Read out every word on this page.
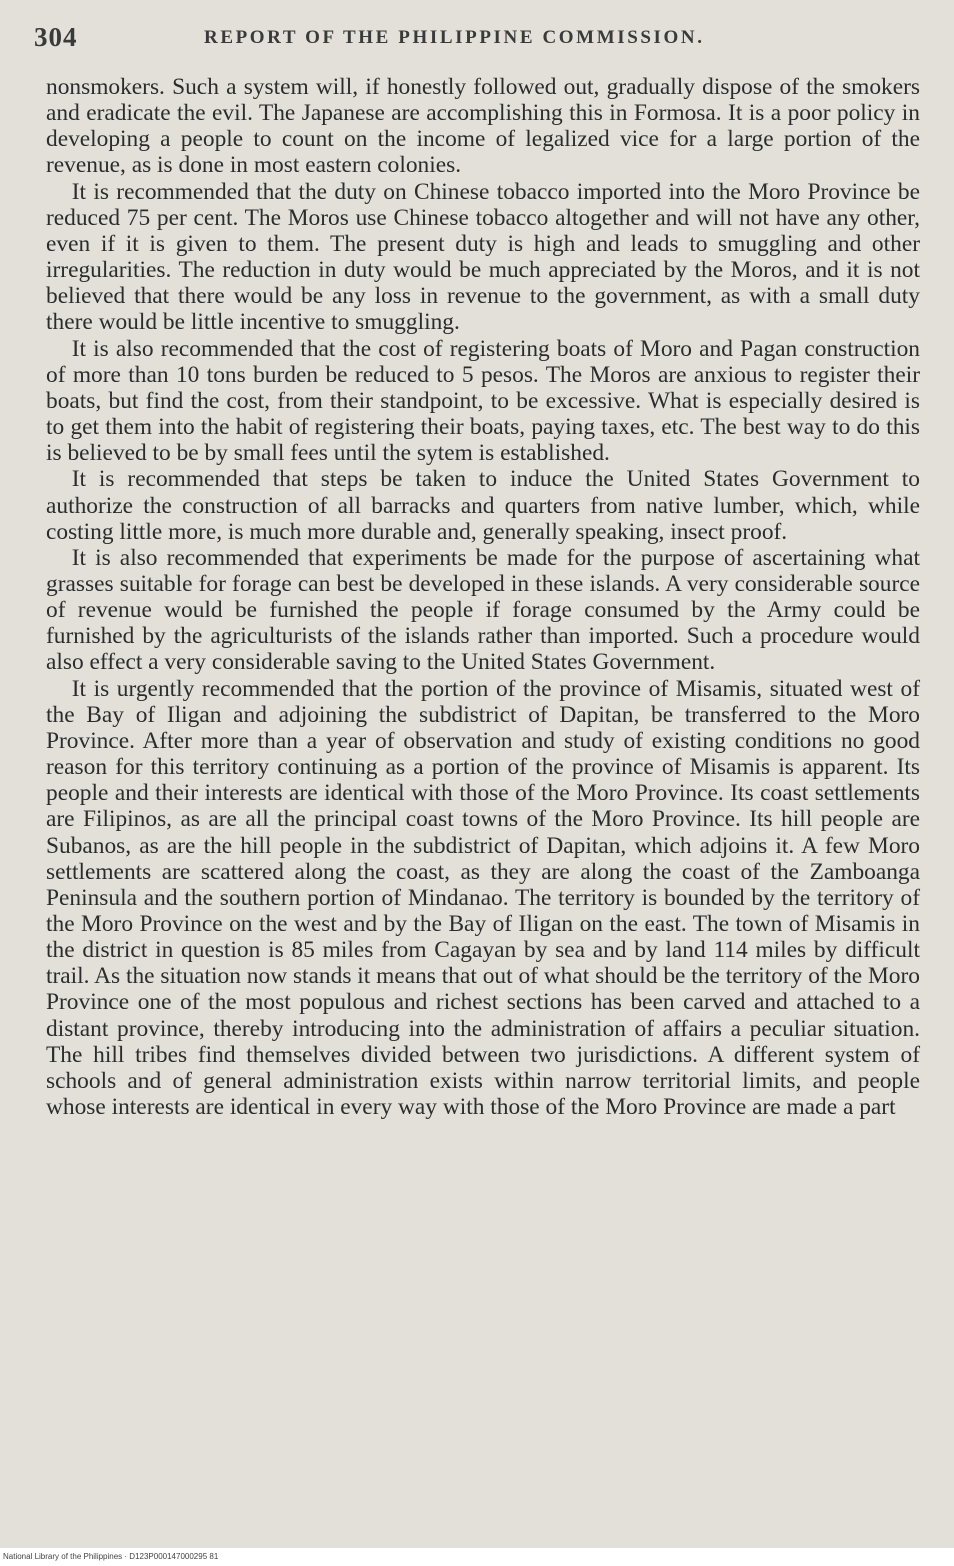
304	REPORT OF THE PHILIPPINE COMMISSION.

nonsmokers. Such a system will, if honestly followed out, gradually dispose of the smokers and eradicate the evil. The Japanese are accomplishing this in Formosa. It is a poor policy in developing a people to count on the income of legalized vice for a large portion of the revenue, as is done in most eastern colonies.

It is recommended that the duty on Chinese tobacco imported into the Moro Province be reduced 75 per cent. The Moros use Chinese tobacco altogether and will not have any other, even if it is given to them. The present duty is high and leads to smuggling and other irregularities. The reduction in duty would be much appreciated by the Moros, and it is not believed that there would be any loss in revenue to the government, as with a small duty there would be little incentive to smuggling.

It is also recommended that the cost of registering boats of Moro and Pagan construction of more than 10 tons burden be reduced to 5 pesos. The Moros are anxious to register their boats, but find the cost, from their standpoint, to be excessive. What is especially desired is to get them into the habit of registering their boats, paying taxes, etc. The best way to do this is believed to be by small fees until the sytem is established.

It is recommended that steps be taken to induce the United States Government to authorize the construction of all barracks and quarters from native lumber, which, while costing little more, is much more durable and, generally speaking, insect proof.

It is also recommended that experiments be made for the purpose of ascertaining what grasses suitable for forage can best be developed in these islands. A very considerable source of revenue would be furnished the people if forage consumed by the Army could be furnished by the agriculturists of the islands rather than imported. Such a procedure would also effect a very considerable saving to the United States Government.

It is urgently recommended that the portion of the province of Misamis, situated west of the Bay of Iligan and adjoining the subdistrict of Dapitan, be transferred to the Moro Province. After more than a year of observation and study of existing conditions no good reason for this territory continuing as a portion of the province of Misamis is apparent. Its people and their interests are identical with those of the Moro Province. Its coast settlements are Filipinos, as are all the principal coast towns of the Moro Province. Its hill people are Subanos, as are the hill people in the subdistrict of Dapitan, which adjoins it. A few Moro settlements are scattered along the coast, as they are along the coast of the Zamboanga Peninsula and the southern portion of Mindanao. The territory is bounded by the territory of the Moro Province on the west and by the Bay of Iligan on the east. The town of Misamis in the district in question is 85 miles from Cagayan by sea and by land 114 miles by difficult trail. As the situation now stands it means that out of what should be the territory of the Moro Province one of the most populous and richest sections has been carved and attached to a distant province, thereby introducing into the administration of affairs a peculiar situation. The hill tribes find themselves divided between two jurisdictions. A different system of schools and of general administration exists within narrow territorial limits, and people whose interests are identical in every way with those of the Moro Province are made a part

National Library of the Philippines · D123P000147000295 81
